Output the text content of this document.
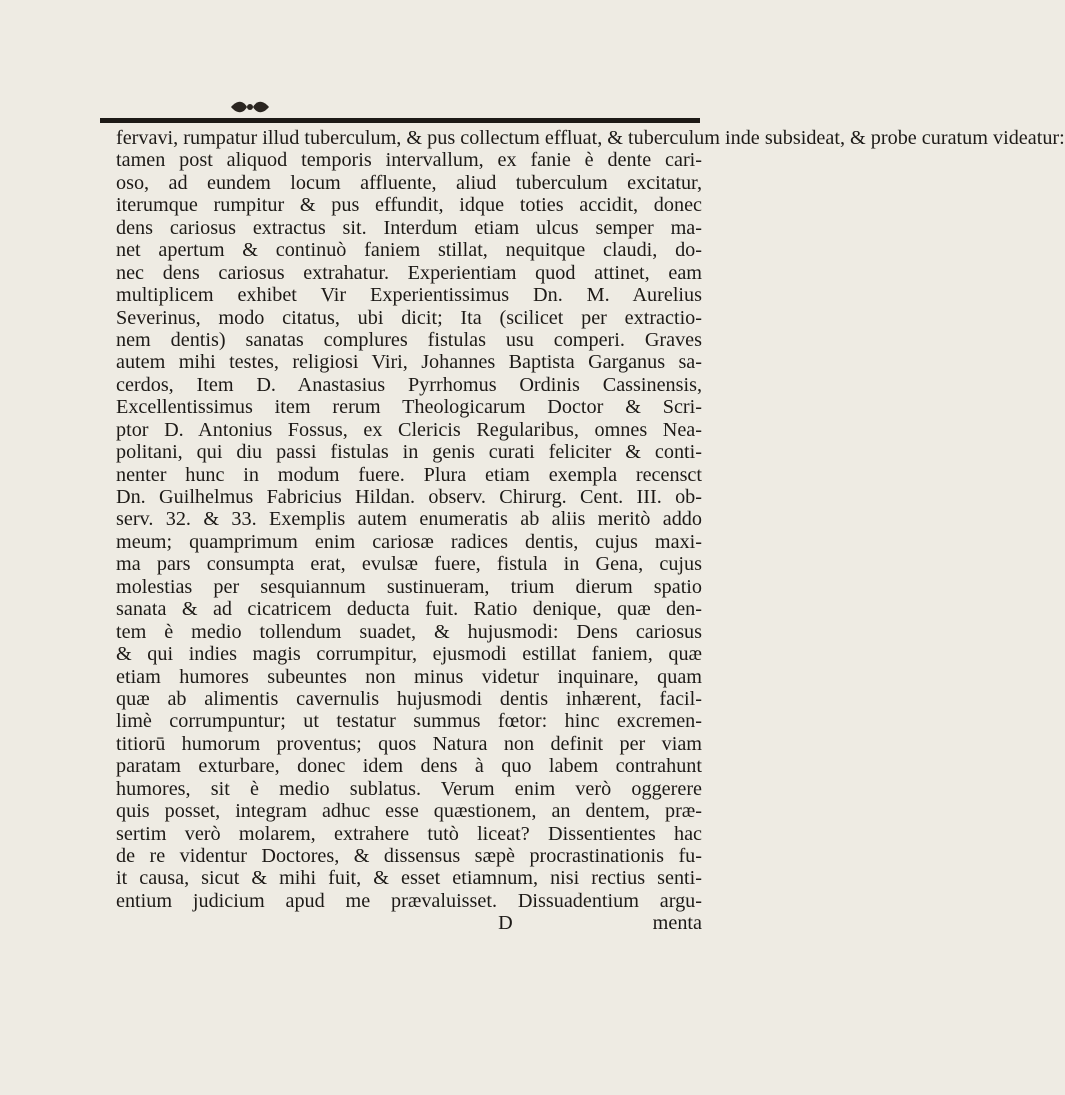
fervavi, rumpatur illud tuberculum, & pus collectum effluat, & tuberculum inde subsideat, & probe curatum videatur:
tamen post aliquod temporis intervallum, ex fanie è dente cari-
oso, ad eundem locum affluente, aliud tuberculum excitatur,
iterumque rumpitur & pus effundit, idque toties accidit, donec
dens cariosus extractus sit. Interdum etiam ulcus semper ma-
net apertum & continuò faniem stillat, nequitque claudi, do-
nec dens cariosus extrahatur. Experientiam quod attinet, eam
multiplicem exhibet Vir Experientissimus Dn. M. Aurelius
Severinus, modo citatus, ubi dicit; Ita (scilicet per extractio-
nem dentis) sanatas complures fistulas usu comperi. Graves
autem mihi testes, religiosi Viri, Johannes Baptista Garganus sa-
cerdos, Item D. Anastasius Pyrrhomus Ordinis Cassinensis,
Excellentissimus item rerum Theologicarum Doctor & Scri-
ptor D. Antonius Fossus, ex Clericis Regularibus, omnes Nea-
politani, qui diu passi fistulas in genis curati feliciter & conti-
nenter hunc in modum fuere. Plura etiam exempla recensct
Dn. Guilhelmus Fabricius Hildan. observ. Chirurg. Cent. III. ob-
serv. 32. & 33. Exemplis autem enumeratis ab aliis meritò addo
meum; quamprimum enim cariosæ radices dentis, cujus maxi-
ma pars consumpta erat, evulsæ fuere, fistula in Gena, cujus
molestias per sesquiannum sustinueram, trium dierum spatio
sanata & ad cicatricem deducta fuit. Ratio denique, quæ den-
tem è medio tollendum suadet, & hujusmodi: Dens cariosus
& qui indies magis corrumpitur, ejusmodi estillat faniem, quæ
etiam humores subeuntes non minus videtur inquinare, quam
quæ ab alimentis cavernulis hujusmodi dentis inhærent, facil-
limè corrumpuntur; ut testatur summus fœtor: hinc excremen-
titiorū humorum proventus; quos Natura non definit per viam
paratam exturbare, donec idem dens à quo labem contrahunt
humores, sit è medio sublatus. Verum enim verò oggerere
quis posset, integram adhuc esse quæstionem, an dentem, præ-
sertim verò molarem, extrahere tutò liceat? Dissentientes hac
de re videntur Doctores, & dissensus sæpè procrastinationis fu-
it causa, sicut & mihi fuit, & esset etiamnum, nisi rectius senti-
entium judicium apud me prævaluisset. Dissuadentium argu-
D	menta
